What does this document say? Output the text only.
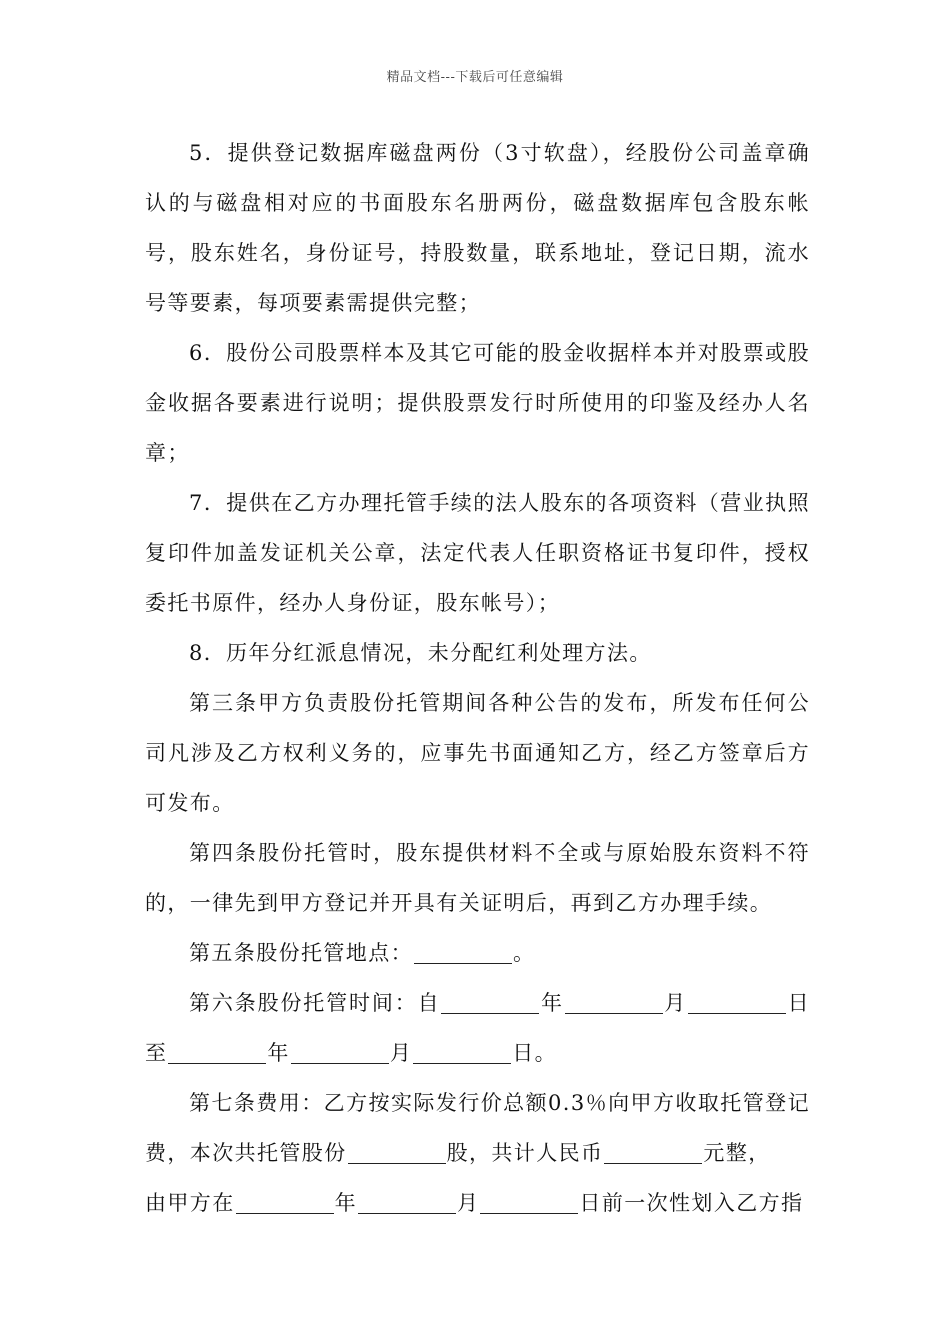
精品文档---下载后可任意编辑

5．提供登记数据库磁盘两份（3寸软盘），经股份公司盖章确认的与磁盘相对应的书面股东名册两份，磁盘数据库包含股东帐号，股东姓名，身份证号，持股数量，联系地址，登记日期，流水号等要素，每项要素需提供完整；

6．股份公司股票样本及其它可能的股金收据样本并对股票或股金收据各要素进行说明；提供股票发行时所使用的印鉴及经办人名章；

7．提供在乙方办理托管手续的法人股东的各项资料（营业执照复印件加盖发证机关公章，法定代表人任职资格证书复印件，授权委托书原件，经办人身份证，股东帐号）；

8．历年分红派息情况，未分配红利处理方法。

第三条甲方负责股份托管期间各种公告的发布，所发布任何公司凡涉及乙方权利义务的，应事先书面通知乙方，经乙方签章后方可发布。

第四条股份托管时，股东提供材料不全或与原始股东资料不符的，一律先到甲方登记并开具有关证明后，再到乙方办理手续。

第五条股份托管地点：	。

第六条股份托管时间：自	年	月	日至	年	月	日。

第七条费用：乙方按实际发行价总额0.3％向甲方收取托管登记费，本次共托管股份	股，共计人民币	元整，
由甲方在	年	月	日前一次性划入乙方指
